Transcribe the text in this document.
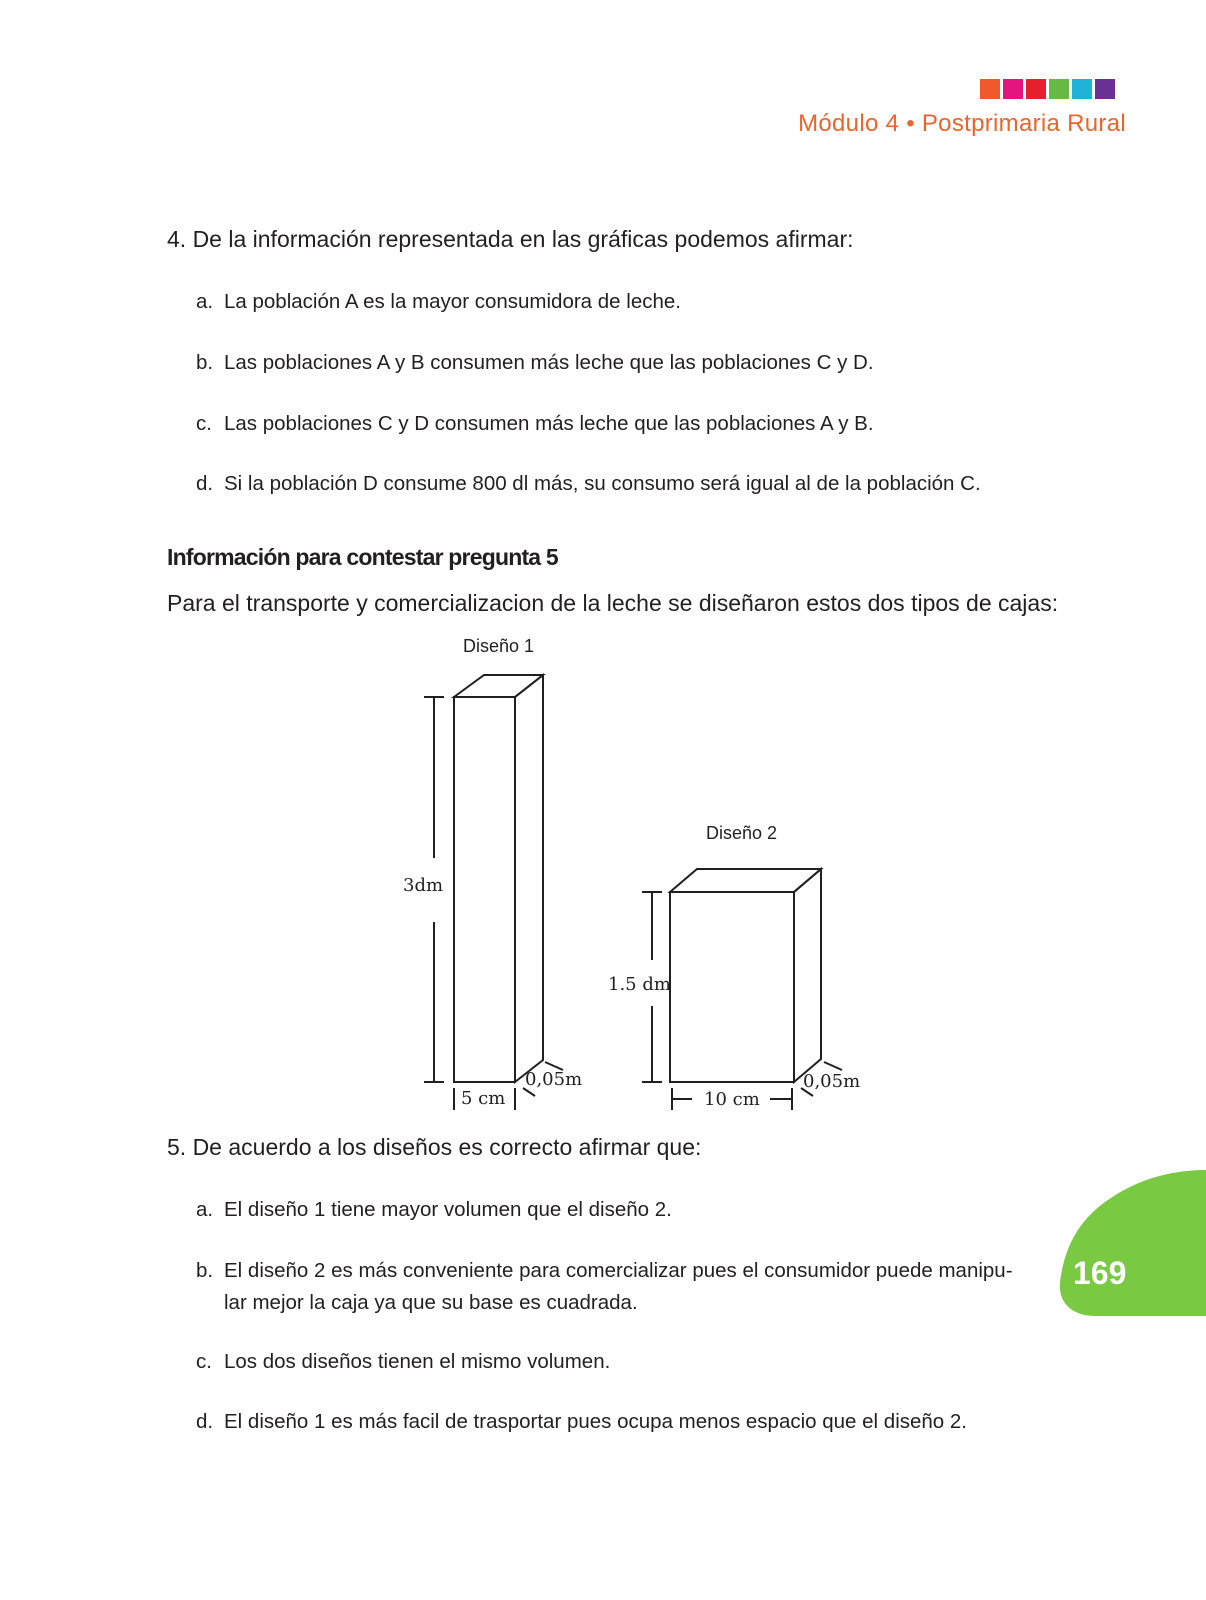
Módulo 4 • Postprimaria Rural
4. De la información representada en las gráficas podemos afirmar:
a. La población A es la mayor consumidora de leche.
b. Las poblaciones A y B consumen más leche que las poblaciones C y D.
c. Las poblaciones C y D consumen más leche que las poblaciones A y B.
d. Si la población D consume 800 dl más, su consumo será igual al de la población C.
Información para contestar pregunta 5
Para el transporte y comercializacion de la leche se diseñaron estos dos tipos de cajas:
Diseño 1
Diseño 2
3dm
5 cm
0,05m
1.5 dm
10 cm
0,05m
5. De acuerdo a los diseños es correcto afirmar que:
a. El diseño 1 tiene mayor volumen que el diseño 2.
b. El diseño 2 es más conveniente para comercializar pues el consumidor puede manipu-
lar mejor la caja ya que su base es cuadrada.
c. Los dos diseños tienen el mismo volumen.
d. El diseño 1 es más facil de trasportar pues ocupa menos espacio que el diseño 2.
169
